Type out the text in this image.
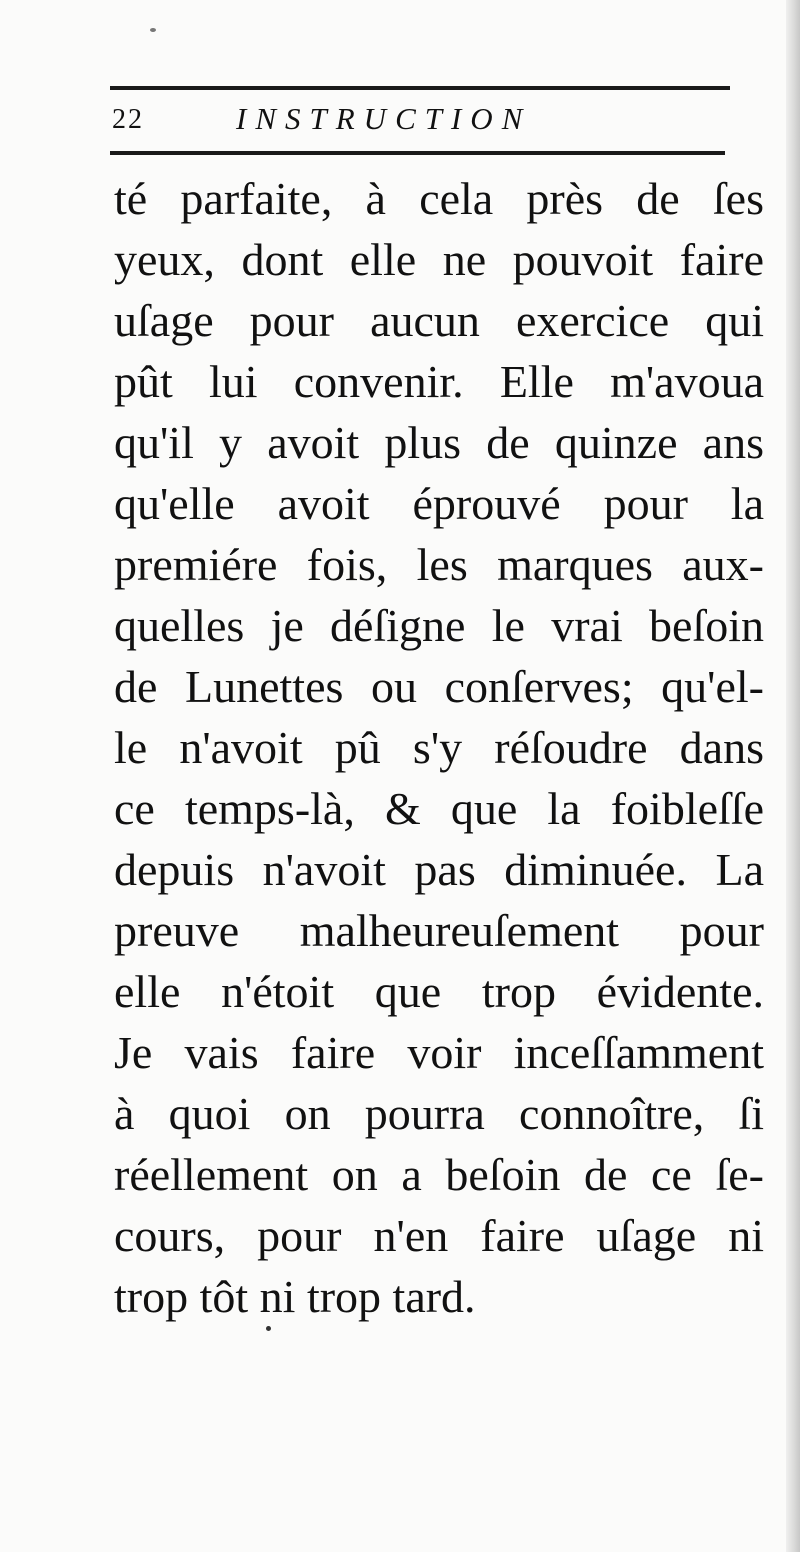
22	INSTRUCTION
té parfaite, à cela près de ſes
yeux, dont elle ne pouvoit faire
uſage pour aucun exercice qui
pût lui convenir. Elle m'avoua
qu'il y avoit plus de quinze ans
qu'elle avoit éprouvé pour la
premiére fois, les marques aux-
quelles je déſigne le vrai beſoin
de Lunettes ou conſerves; qu'el-
le n'avoit pû s'y réſoudre dans
ce temps-là, & que la foibleſſe
depuis n'avoit pas diminuée. La
preuve malheureuſement pour
elle n'étoit que trop évidente.
Je vais faire voir inceſſamment
à quoi on pourra connoître, ſi
réellement on a beſoin de ce ſe-
cours, pour n'en faire uſage ni
trop tôt ni trop tard.
